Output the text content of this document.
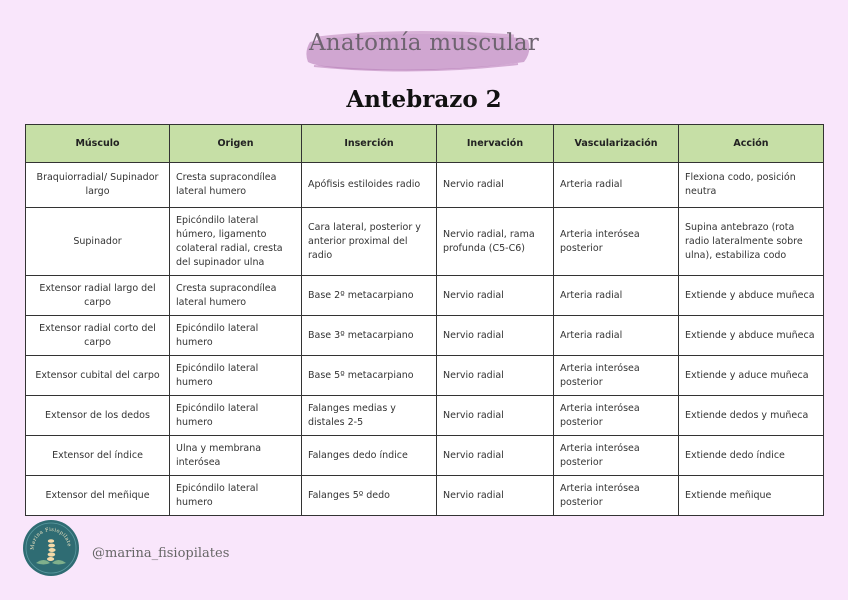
Anatomía muscular
Antebrazo 2
Músculo	Origen	Inserción	Inervación	Vascularización	Acción
Braquiorradial/ Supinador largo	Cresta supracondílea lateral humero	Apófisis estiloides radio	Nervio radial	Arteria radial	Flexiona codo, posición neutra
Supinador	Epicóndilo lateral húmero, ligamento colateral radial, cresta del supinador ulna	Cara lateral, posterior y anterior proximal del radio	Nervio radial, rama profunda (C5-C6)	Arteria interósea posterior	Supina antebrazo (rota radio lateralmente sobre ulna), estabiliza codo
Extensor radial largo del carpo	Cresta supracondílea lateral humero	Base 2º metacarpiano	Nervio radial	Arteria radial	Extiende y abduce muñeca
Extensor radial corto del carpo	Epicóndilo lateral humero	Base 3º metacarpiano	Nervio radial	Arteria radial	Extiende y abduce muñeca
Extensor cubital del carpo	Epicóndilo lateral humero	Base 5º metacarpiano	Nervio radial	Arteria interósea posterior	Extiende y aduce muñeca
Extensor de los dedos	Epicóndilo lateral humero	Falanges medias y distales 2-5	Nervio radial	Arteria interósea posterior	Extiende dedos y muñeca
Extensor del índice	Ulna y membrana interósea	Falanges dedo índice	Nervio radial	Arteria interósea posterior	Extiende dedo índice
Extensor del meñique	Epicóndilo lateral humero	Falanges 5º dedo	Nervio radial	Arteria interósea posterior	Extiende meñique
Marina Fisiopilate
@marina_fisiopilates
